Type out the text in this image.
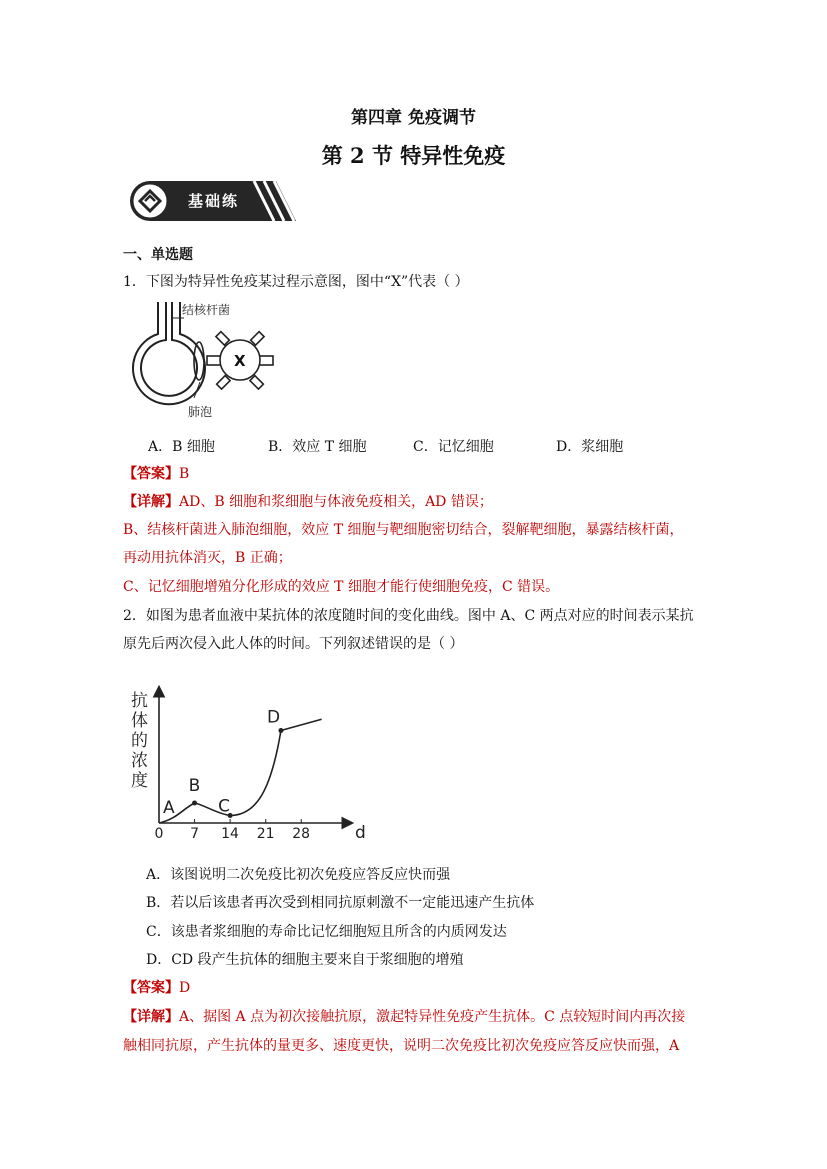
第四章 免疫调节
第 2 节 特异性免疫
基础练
一、单选题
1．下图为特异性免疫某过程示意图，图中“X”代表（ ）
结核杆菌
肺泡
X
A．B 细胞	B．效应 T 细胞	C．记忆细胞	D．浆细胞
【答案】B
【详解】AD、B 细胞和浆细胞与体液免疫相关，AD 错误；
B、结核杆菌进入肺泡细胞，效应 T 细胞与靶细胞密切结合，裂解靶细胞，暴露结核杆菌，
再动用抗体消灭，B 正确；
C、记忆细胞增殖分化形成的效应 T 细胞才能行使细胞免疫，C 错误。
2．如图为患者血液中某抗体的浓度随时间的变化曲线。图中 A、C 两点对应的时间表示某抗
原先后两次侵入此人体的时间。下列叙述错误的是（ ）
抗
体
的
浓
度
0 7 14 21 28
A
B
C
D
d
A．该图说明二次免疫比初次免疫应答反应快而强
B．若以后该患者再次受到相同抗原刺激不一定能迅速产生抗体
C．该患者浆细胞的寿命比记忆细胞短且所含的内质网发达
D．CD 段产生抗体的细胞主要来自于浆细胞的增殖
【答案】D
【详解】A、据图 A 点为初次接触抗原，激起特异性免疫产生抗体。C 点较短时间内再次接
触相同抗原，产生抗体的量更多、速度更快，说明二次免疫比初次免疫应答反应快而强，A
